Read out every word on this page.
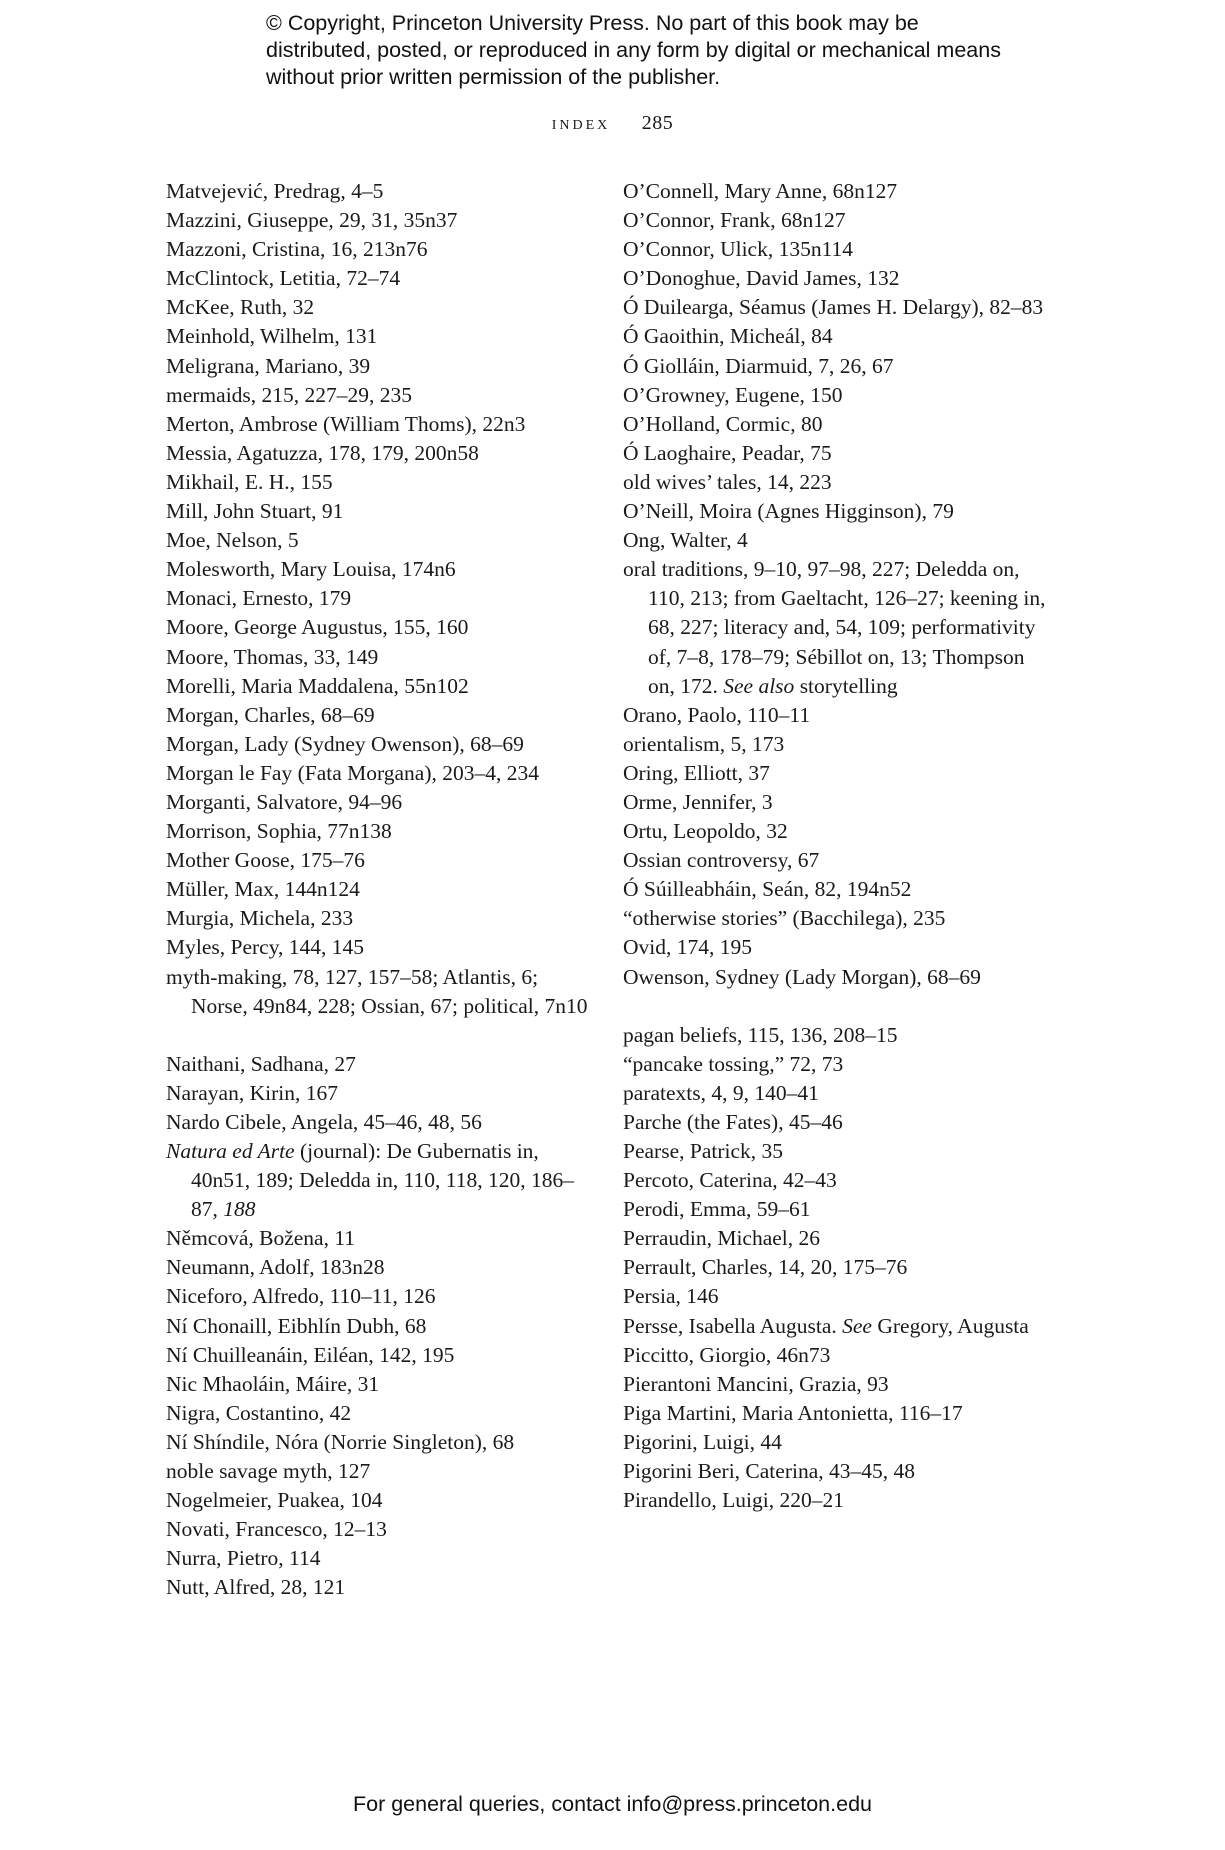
© Copyright, Princeton University Press. No part of this book may be distributed, posted, or reproduced in any form by digital or mechanical means without prior written permission of the publisher.
index 285
Matvejević, Predrag, 4–5
Mazzini, Giuseppe, 29, 31, 35n37
Mazzoni, Cristina, 16, 213n76
McClintock, Letitia, 72–74
McKee, Ruth, 32
Meinhold, Wilhelm, 131
Meligrana, Mariano, 39
mermaids, 215, 227–29, 235
Merton, Ambrose (William Thoms), 22n3
Messia, Agatuzza, 178, 179, 200n58
Mikhail, E. H., 155
Mill, John Stuart, 91
Moe, Nelson, 5
Molesworth, Mary Louisa, 174n6
Monaci, Ernesto, 179
Moore, George Augustus, 155, 160
Moore, Thomas, 33, 149
Morelli, Maria Maddalena, 55n102
Morgan, Charles, 68–69
Morgan, Lady (Sydney Owenson), 68–69
Morgan le Fay (Fata Morgana), 203–4, 234
Morganti, Salvatore, 94–96
Morrison, Sophia, 77n138
Mother Goose, 175–76
Müller, Max, 144n124
Murgia, Michela, 233
Myles, Percy, 144, 145
myth-making, 78, 127, 157–58; Atlantis, 6; Norse, 49n84, 228; Ossian, 67; political, 7n10
Naithani, Sadhana, 27
Narayan, Kirin, 167
Nardo Cibele, Angela, 45–46, 48, 56
Natura ed Arte (journal): De Gubernatis in, 40n51, 189; Deledda in, 110, 118, 120, 186–87, 188
Němcová, Božena, 11
Neumann, Adolf, 183n28
Niceforo, Alfredo, 110–11, 126
Ní Chonaill, Eibhlín Dubh, 68
Ní Chuilleanáin, Eiléan, 142, 195
Nic Mhaoláin, Máire, 31
Nigra, Costantino, 42
Ní Shíndile, Nóra (Norrie Singleton), 68
noble savage myth, 127
Nogelmeier, Puakea, 104
Novati, Francesco, 12–13
Nurra, Pietro, 114
Nutt, Alfred, 28, 121
O’Connell, Mary Anne, 68n127
O’Connor, Frank, 68n127
O’Connor, Ulick, 135n114
O’Donoghue, David James, 132
Ó Duilearga, Séamus (James H. Delargy), 82–83
Ó Gaoithin, Micheál, 84
Ó Giolláin, Diarmuid, 7, 26, 67
O’Growney, Eugene, 150
O’Holland, Cormic, 80
Ó Laoghaire, Peadar, 75
old wives’ tales, 14, 223
O’Neill, Moira (Agnes Higginson), 79
Ong, Walter, 4
oral traditions, 9–10, 97–98, 227; Deledda on, 110, 213; from Gaeltacht, 126–27; keening in, 68, 227; literacy and, 54, 109; performativity of, 7–8, 178–79; Sébillot on, 13; Thompson on, 172. See also storytelling
Orano, Paolo, 110–11
orientalism, 5, 173
Oring, Elliott, 37
Orme, Jennifer, 3
Ortu, Leopoldo, 32
Ossian controversy, 67
Ó Súilleabháin, Seán, 82, 194n52
“otherwise stories” (Bacchilega), 235
Ovid, 174, 195
Owenson, Sydney (Lady Morgan), 68–69
pagan beliefs, 115, 136, 208–15
“pancake tossing,” 72, 73
paratexts, 4, 9, 140–41
Parche (the Fates), 45–46
Pearse, Patrick, 35
Percoto, Caterina, 42–43
Perodi, Emma, 59–61
Perraudin, Michael, 26
Perrault, Charles, 14, 20, 175–76
Persia, 146
Persse, Isabella Augusta. See Gregory, Augusta
Piccitto, Giorgio, 46n73
Pierantoni Mancini, Grazia, 93
Piga Martini, Maria Antonietta, 116–17
Pigorini, Luigi, 44
Pigorini Beri, Caterina, 43–45, 48
Pirandello, Luigi, 220–21
For general queries, contact info@press.princeton.edu
